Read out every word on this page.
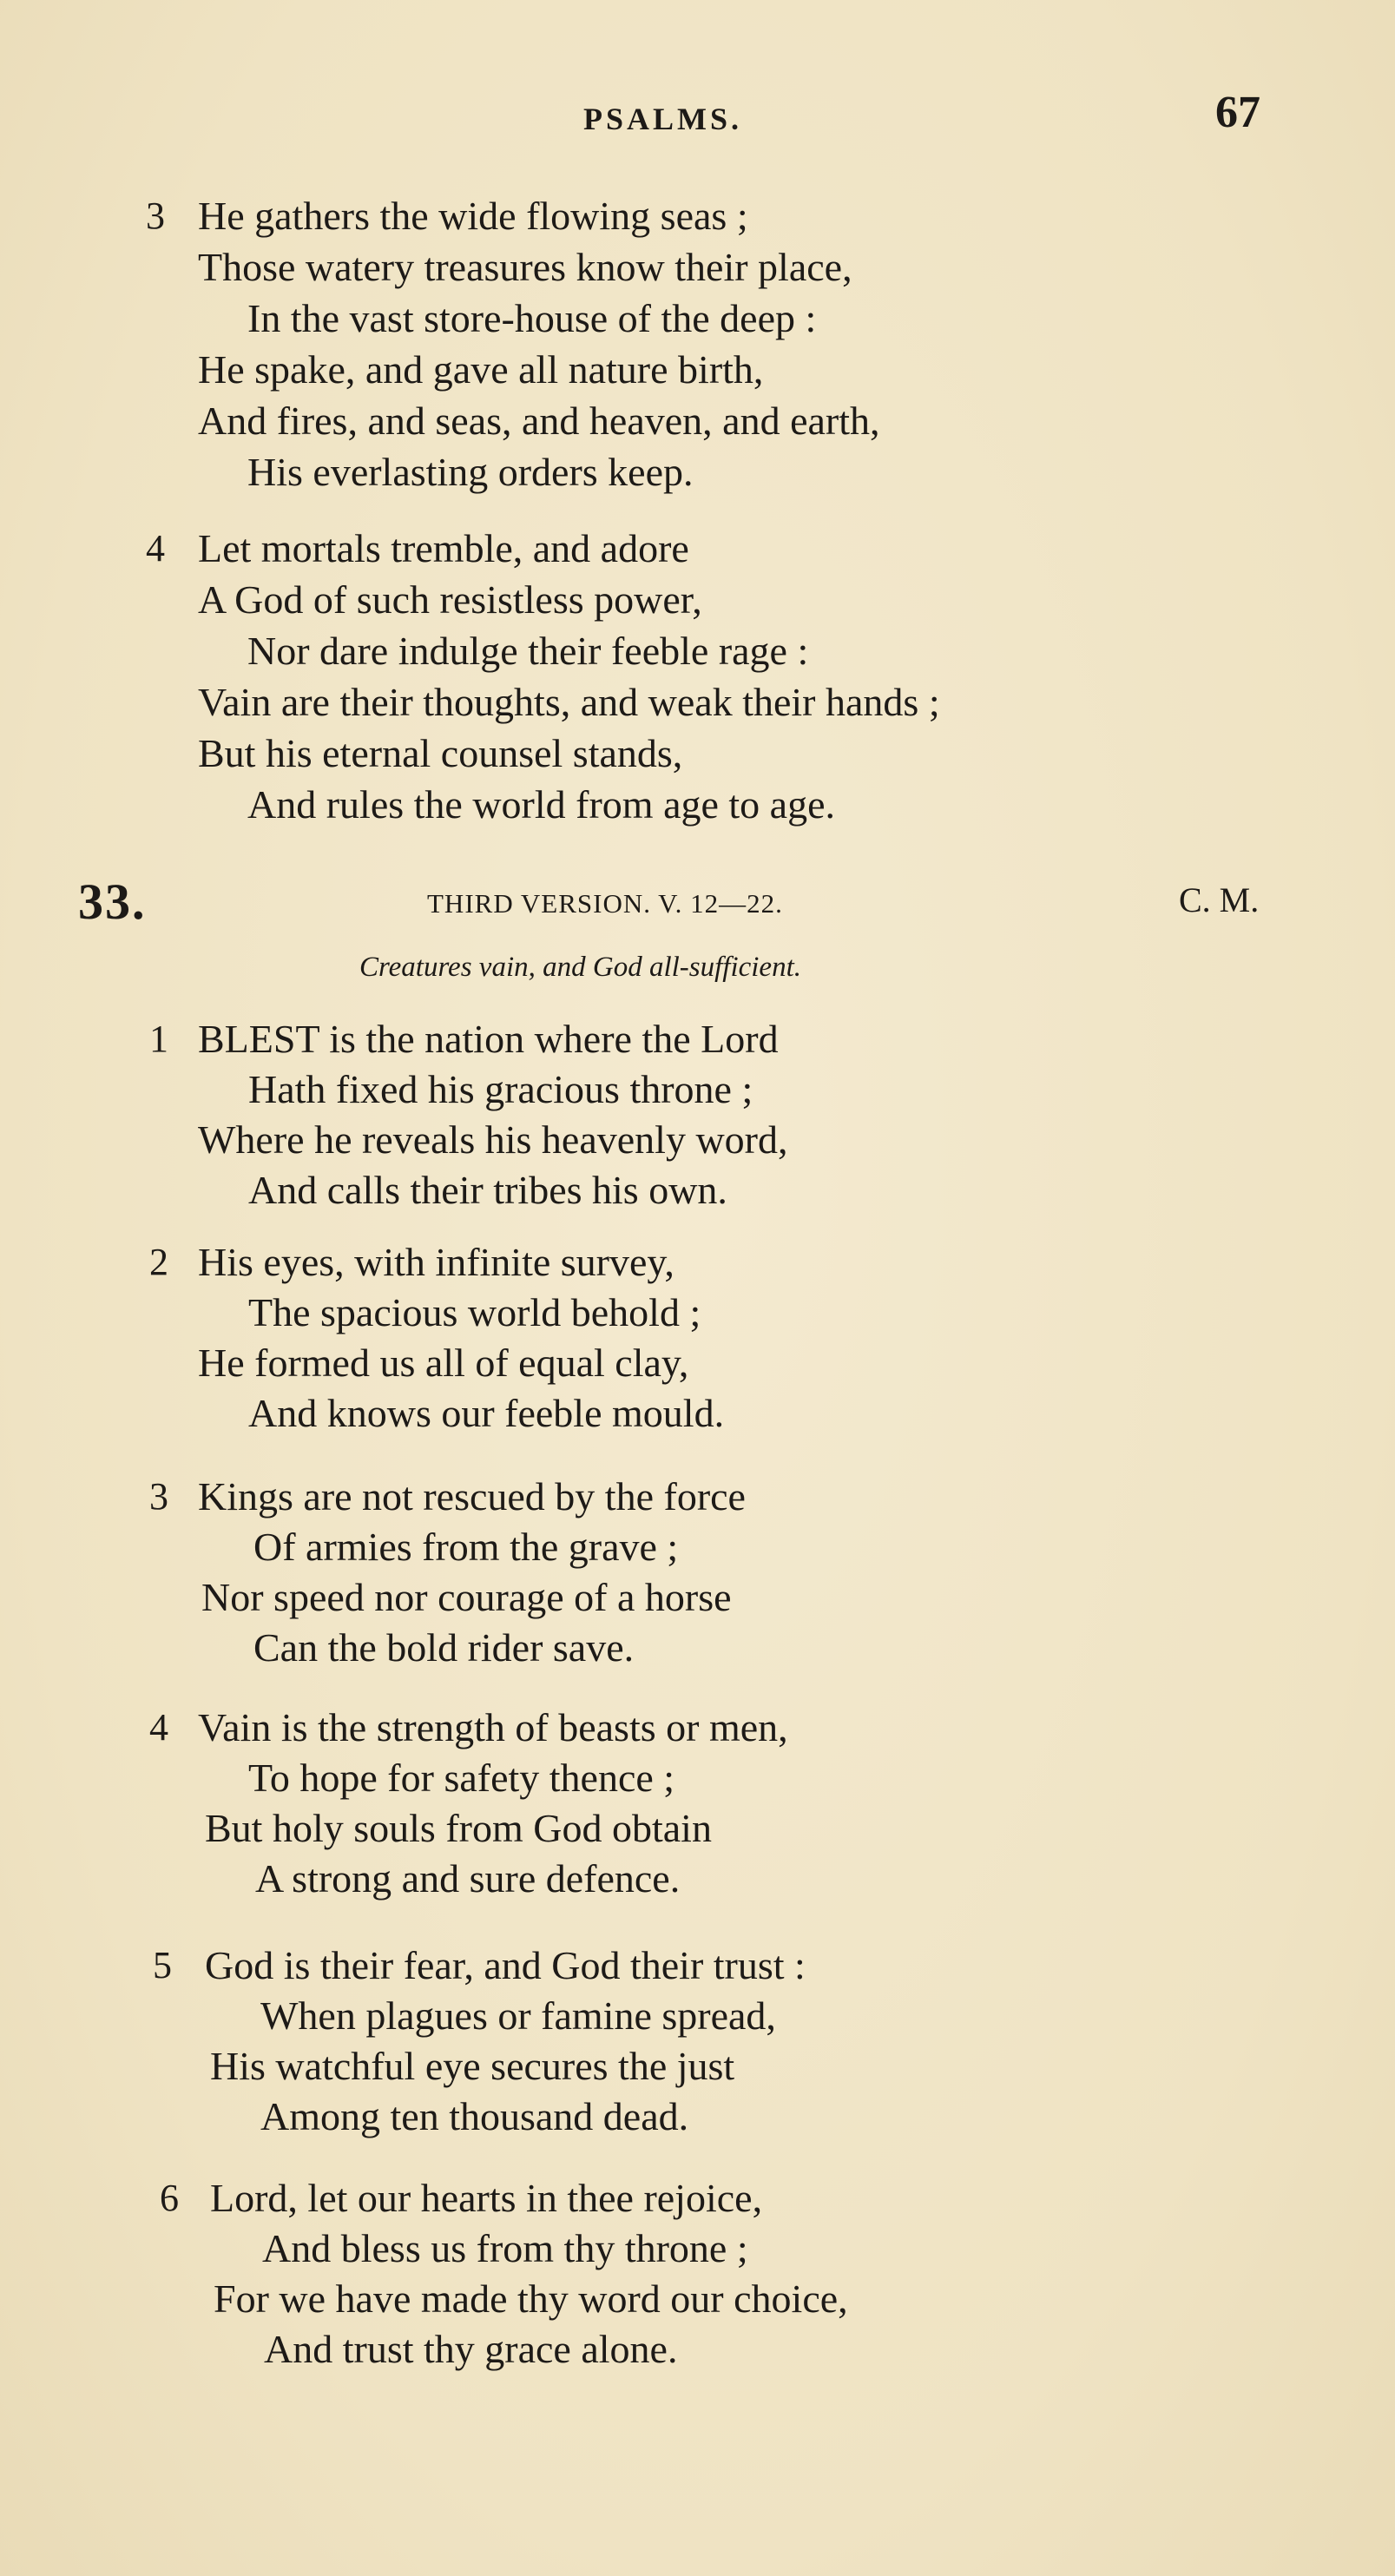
PSALMS.	67
3 He gathers the wide flowing seas ;
Those watery treasures know their place,
In the vast store-house of the deep :
He spake, and gave all nature birth,
And fires, and seas, and heaven, and earth,
His everlasting orders keep.
4 Let mortals tremble, and adore
A God of such resistless power,
Nor dare indulge their feeble rage :
Vain are their thoughts, and weak their hands ;
But his eternal counsel stands,
And rules the world from age to age.
33.	THIRD VERSION. V. 12—22.	C. M.
Creatures vain, and God all-sufficient.
1 BLEST is the nation where the Lord
Hath fixed his gracious throne ;
Where he reveals his heavenly word,
And calls their tribes his own.
2 His eyes, with infinite survey,
The spacious world behold ;
He formed us all of equal clay,
And knows our feeble mould.
3 Kings are not rescued by the force
Of armies from the grave ;
Nor speed nor courage of a horse
Can the bold rider save.
4 Vain is the strength of beasts or men,
To hope for safety thence ;
But holy souls from God obtain
A strong and sure defence.
5 God is their fear, and God their trust :
When plagues or famine spread,
His watchful eye secures the just
Among ten thousand dead.
6 Lord, let our hearts in thee rejoice,
And bless us from thy throne ;
For we have made thy word our choice,
And trust thy grace alone.
